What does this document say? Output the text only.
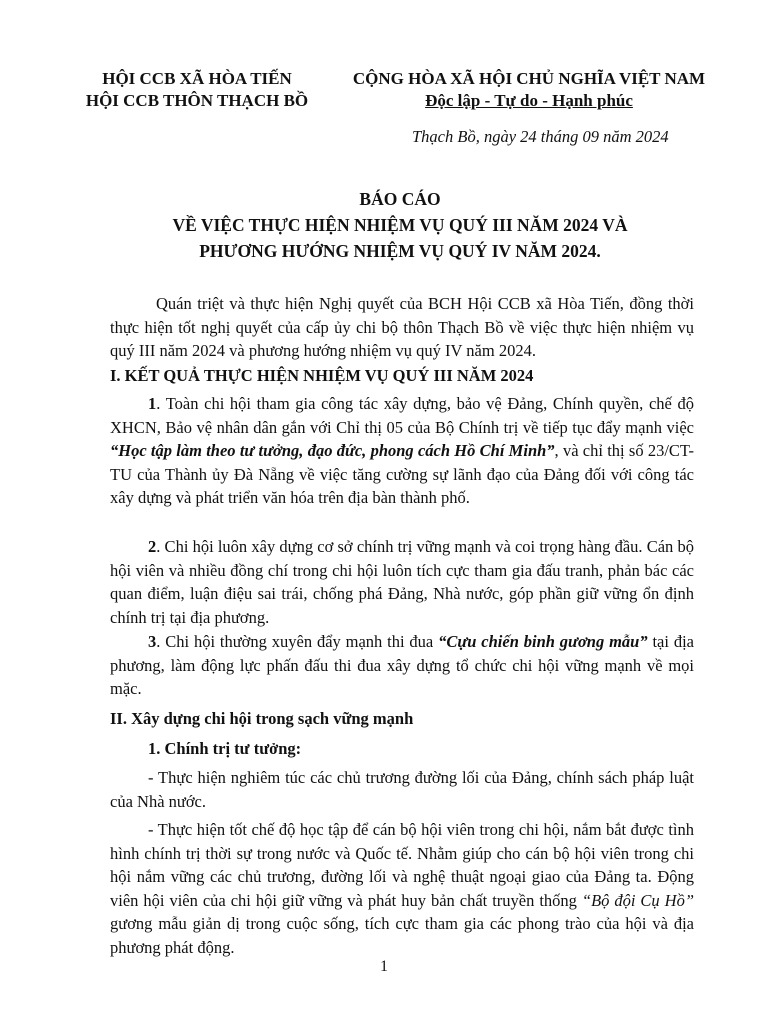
HỘI CCB XÃ HÒA TIẾN
HỘI CCB THÔN THẠCH BỒ
CỘNG HÒA XÃ HỘI CHỦ NGHĨA VIỆT NAM
Độc lập - Tự do - Hạnh phúc
Thạch Bồ, ngày 24 tháng 09 năm 2024
BÁO CÁO
VỀ VIỆC THỰC HIỆN NHIỆM VỤ QUÝ III NĂM 2024 VÀ
PHƯƠNG HƯỚNG NHIỆM VỤ QUÝ IV NĂM 2024.
Quán triệt và thực hiện Nghị quyết của BCH Hội CCB xã Hòa Tiến, đồng thời thực hiện tốt nghị quyết của cấp ủy chi bộ thôn Thạch Bồ về việc thực hiện nhiệm vụ quý III năm 2024 và phương hướng nhiệm vụ quý IV năm 2024.
I. KẾT QUẢ THỰC HIỆN NHIỆM VỤ QUÝ III NĂM 2024
1. Toàn chi hội tham gia công tác xây dựng, bảo vệ Đảng, Chính quyền, chế độ XHCN, Bảo vệ nhân dân gắn với Chỉ thị 05 của Bộ Chính trị về tiếp tục đẩy mạnh việc “Học tập làm theo tư tưởng, đạo đức, phong cách Hồ Chí Minh”, và chỉ thị số 23/CT- TU của Thành ủy Đà Nẵng về việc tăng cường sự lãnh đạo của Đảng đối với công tác xây dựng và phát triển văn hóa trên địa bàn thành phố.
2. Chi hội luôn xây dựng cơ sở chính trị vững mạnh và coi trọng hàng đầu. Cán bộ hội viên và nhiều đồng chí trong chi hội luôn tích cực tham gia đấu tranh, phản bác các quan điểm, luận điệu sai trái, chống phá Đảng, Nhà nước, góp phần giữ vững ổn định chính trị tại địa phương.
3. Chi hội thường xuyên đẩy mạnh thi đua “Cựu chiến binh gương mẫu” tại địa phương, làm động lực phấn đấu thi đua xây dựng tổ chức chi hội vững mạnh về mọi mặc.
II. Xây dựng chi hội trong sạch vững mạnh
1. Chính trị tư tưởng:
- Thực hiện nghiêm túc các chủ trương đường lối của Đảng, chính sách pháp luật của Nhà nước.
- Thực hiện tốt chế độ học tập để cán bộ hội viên trong chi hội, nắm bắt được tình hình chính trị thời sự trong nước và Quốc tế. Nhằm giúp cho cán bộ hội viên trong chi hội nắm vững các chủ trương, đường lối và nghệ thuật ngoại giao của Đảng ta. Động viên hội viên của chi hội giữ vững và phát huy bản chất truyền thống “Bộ đội Cụ Hồ” gương mẫu giản dị trong cuộc sống, tích cực tham gia các phong trào của hội và địa phương phát động.
1
